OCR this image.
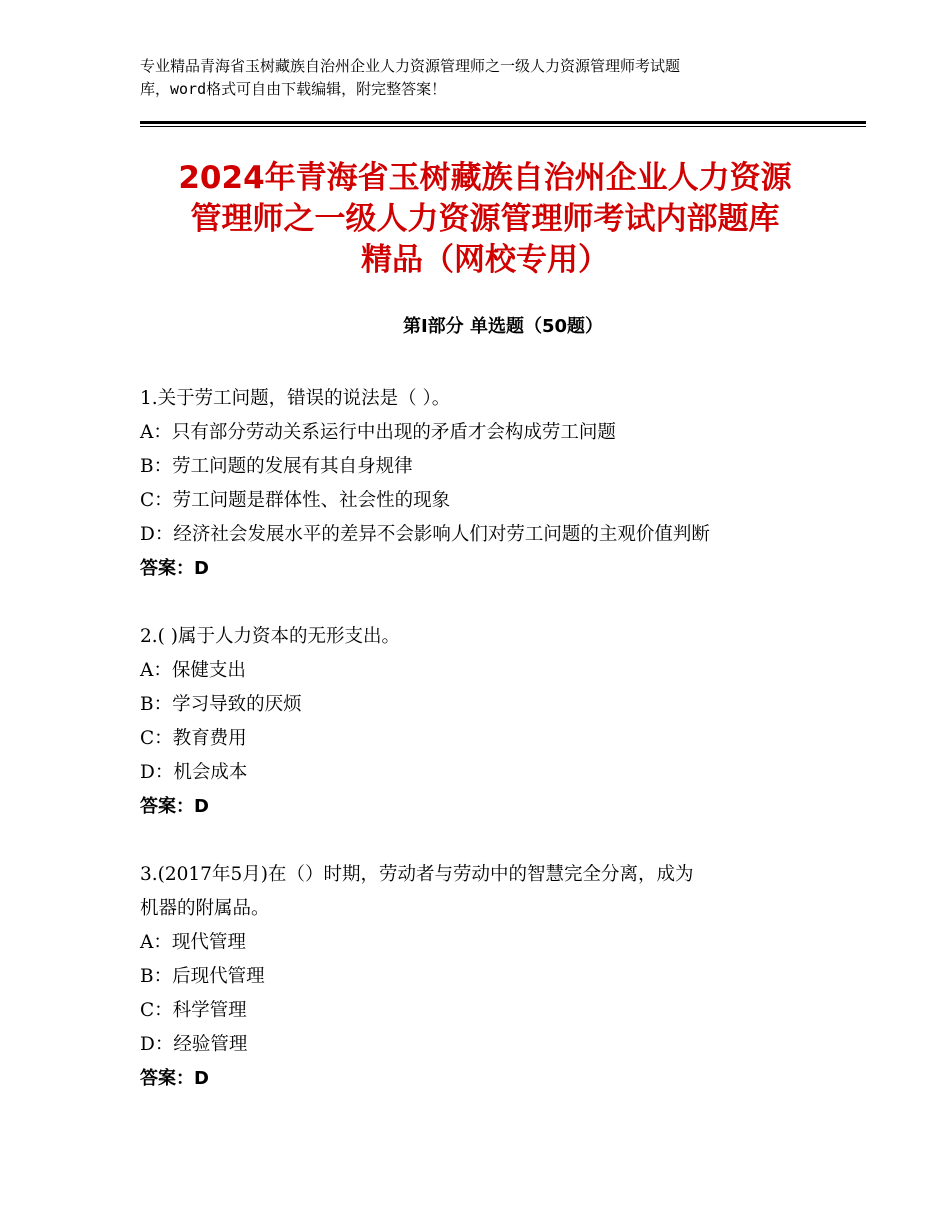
专业精品青海省玉树藏族自治州企业人力资源管理师之一级人力资源管理师考试题
库，word格式可自由下载编辑，附完整答案！
2024年青海省玉树藏族自治州企业人力资源
管理师之一级人力资源管理师考试内部题库
精品（网校专用）
第Ⅰ部分 单选题（50题）
1.关于劳工问题，错误的说法是（ ）。
A：只有部分劳动关系运行中出现的矛盾才会构成劳工问题
B：劳工问题的发展有其自身规律
C：劳工问题是群体性、社会性的现象
D：经济社会发展水平的差异不会影响人们对劳工问题的主观价值判断
答案：D
2.( )属于人力资本的无形支出。
A：保健支出
B：学习导致的厌烦
C：教育费用
D：机会成本
答案：D
3.(2017年5月)在（）时期，劳动者与劳动中的智慧完全分离，成为
机器的附属品。
A：现代管理
B：后现代管理
C：科学管理
D：经验管理
答案：D
